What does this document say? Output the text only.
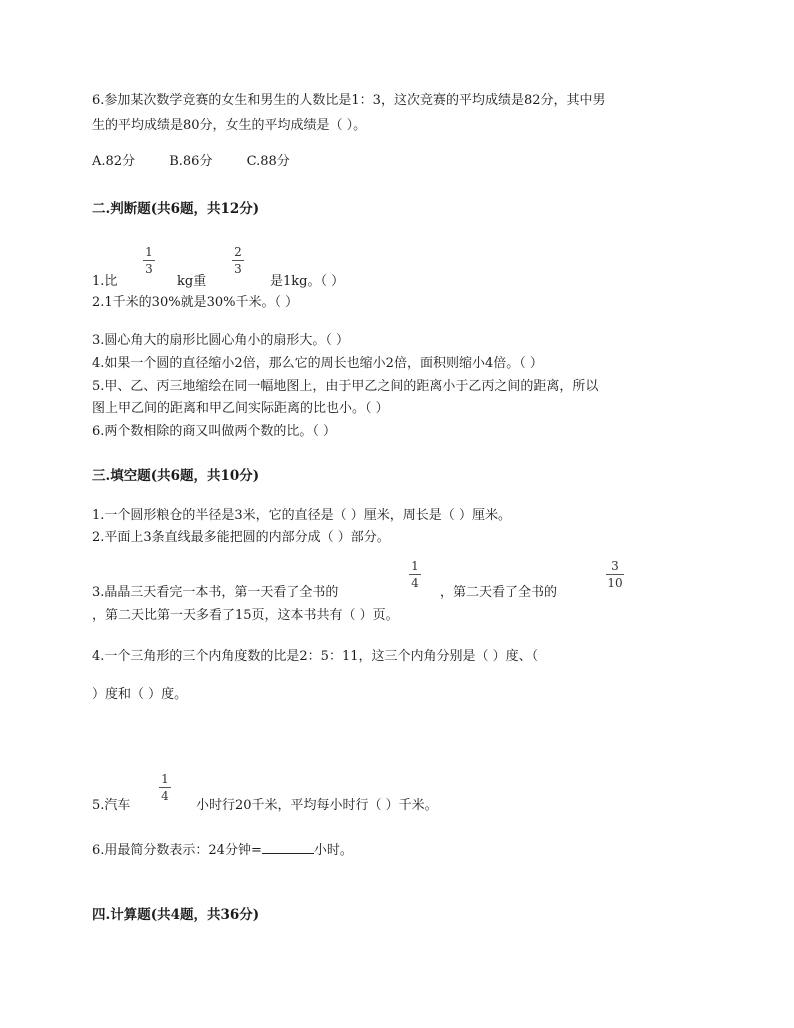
6.参加某次数学竞赛的女生和男生的人数比是1：3，这次竞赛的平均成绩是82分，其中男
生的平均成绩是80分，女生的平均成绩是（ ）。
A.82分	B.86分	C.88分
二.判断题(共6题，共12分)
1
3
2
3
1.比	kg重	是1kg。（ ）
2.1千米的30%就是30%千米。（ ）
3.圆心角大的扇形比圆心角小的扇形大。（ ）
4.如果一个圆的直径缩小2倍，那么它的周长也缩小2倍，面积则缩小4倍。（ ）
5.甲、乙、丙三地缩绘在同一幅地图上，由于甲乙之间的距离小于乙丙之间的距离，所以
图上甲乙间的距离和甲乙间实际距离的比也小。（ ）
6.两个数相除的商又叫做两个数的比。（ ）
三.填空题(共6题，共10分)
1.一个圆形粮仓的半径是3米，它的直径是（ ）厘米，周长是（ ）厘米。
2.平面上3条直线最多能把圆的内部分成（ ）部分。
1
4
3
10
3.晶晶三天看完一本书，第一天看了全书的	，第二天看了全书的
，第二天比第一天多看了15页，这本书共有（ ）页。
4.一个三角形的三个内角度数的比是2：5：11，这三个内角分别是（ ）度、（
）度和（ ）度。
1
4
5.汽车	小时行20千米，平均每小时行（ ）千米。
6.用最简分数表示：24分钟=	小时。
四.计算题(共4题，共36分)
